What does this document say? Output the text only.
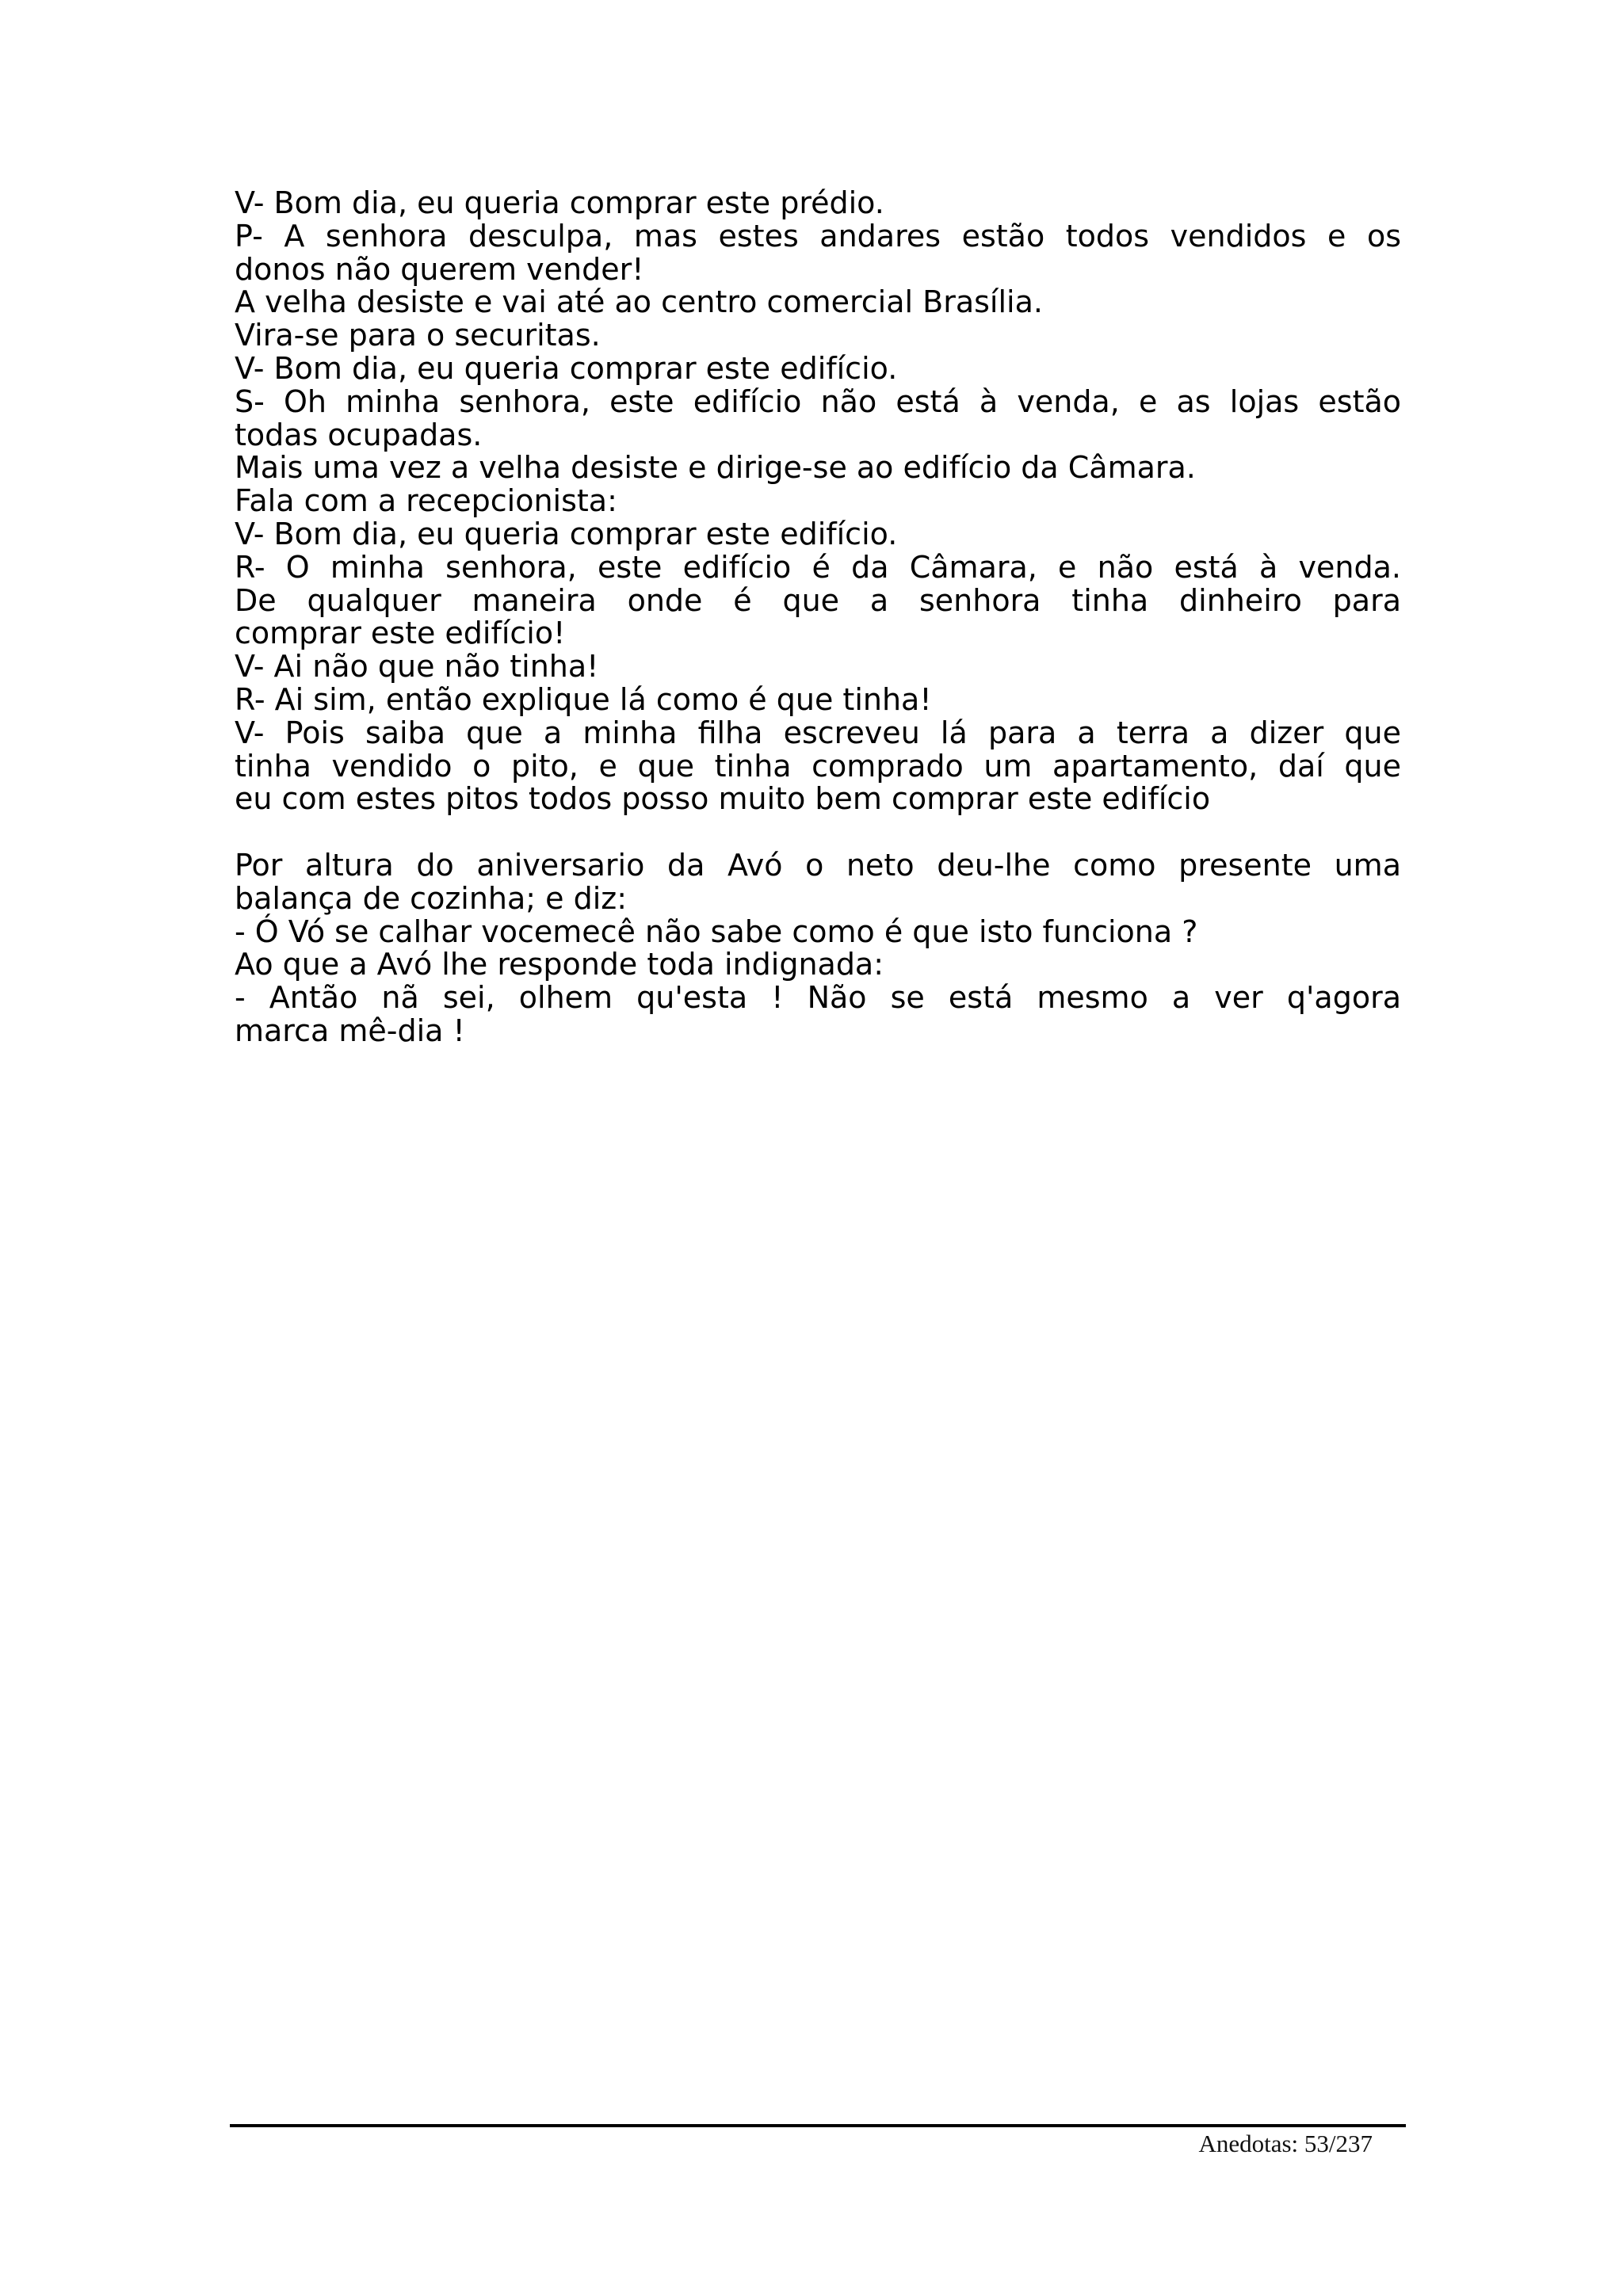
V- Bom dia, eu queria comprar este prédio.
P- A senhora desculpa, mas estes andares estão todos vendidos e os
donos não querem vender!
A velha desiste e vai até ao centro comercial Brasília.
Vira-se para o securitas.
V- Bom dia, eu queria comprar este edifício.
S- Oh minha senhora, este edifício não está à venda, e as lojas estão
todas ocupadas.
Mais uma vez a velha desiste e dirige-se ao edifício da Câmara.
Fala com a recepcionista:
V- Bom dia, eu queria comprar este edifício.
R- O minha senhora, este edifício é da Câmara, e não está à venda.
De qualquer maneira onde é que a senhora tinha dinheiro para
comprar este edifício!
V- Ai não que não tinha!
R- Ai sim, então explique lá como é que tinha!
V- Pois saiba que a minha filha escreveu lá para a terra a dizer que
tinha vendido o pito, e que tinha comprado um apartamento, daí que
eu com estes pitos todos posso muito bem comprar este edifício
Por altura do aniversario da Avó o neto deu-lhe como presente uma
balança de cozinha; e diz:
- Ó Vó se calhar vocemecê não sabe como é que isto funciona ?
Ao que a Avó lhe responde toda indignada:
- Antão nã sei, olhem qu'esta ! Não se está mesmo a ver q'agora
marca mê-dia !
Anedotas: 53/237
